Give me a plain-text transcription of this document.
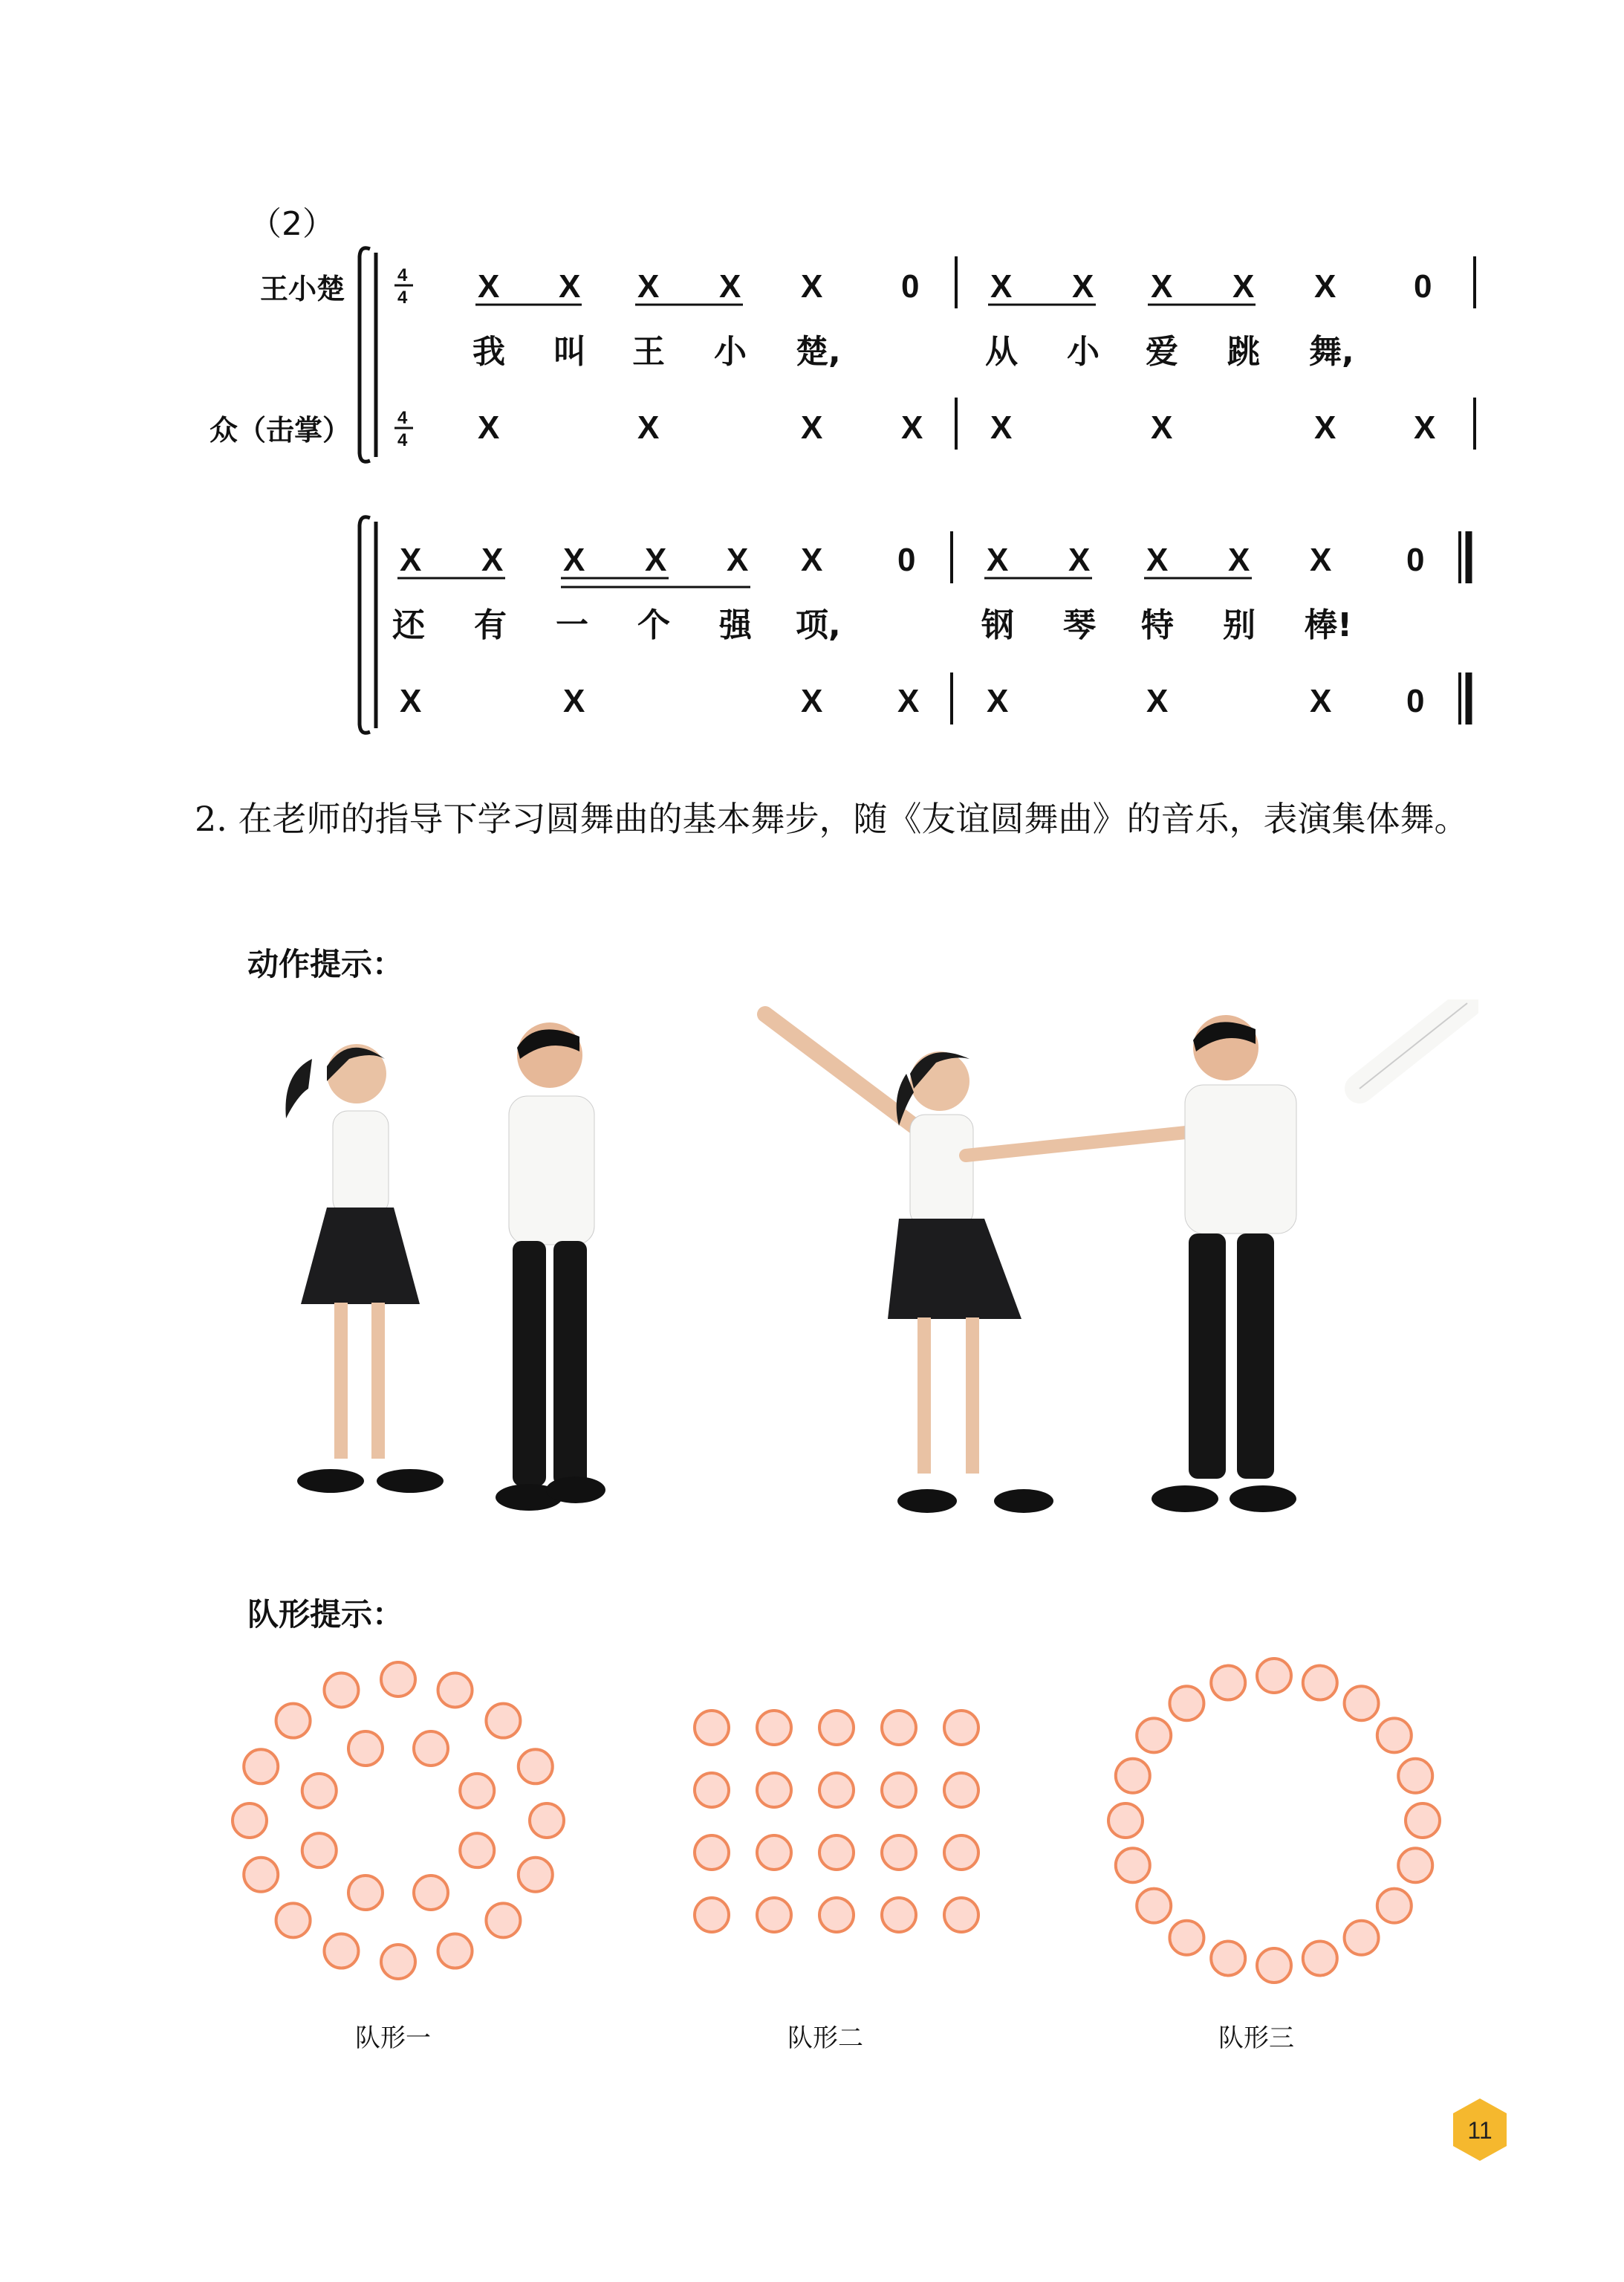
（2）
王小楚
众（击掌）
4
4
4
4
X X X X X 0 X X X X X 0
我 叫 王 小 楚,	从 小 爱 跳 舞,
X	X	X X X	X	X X
X X X X X X 0 X X X X X 0
还 有 一 个 强 项,	钢 琴 特 别 棒!
X	X	X X X	X	X 0
2. 在老师的指导下学习圆舞曲的基本舞步，随《友谊圆舞曲》的音乐，表演集体舞。
动作提示：
队形提示：
队形一	队形二	队形三
11
